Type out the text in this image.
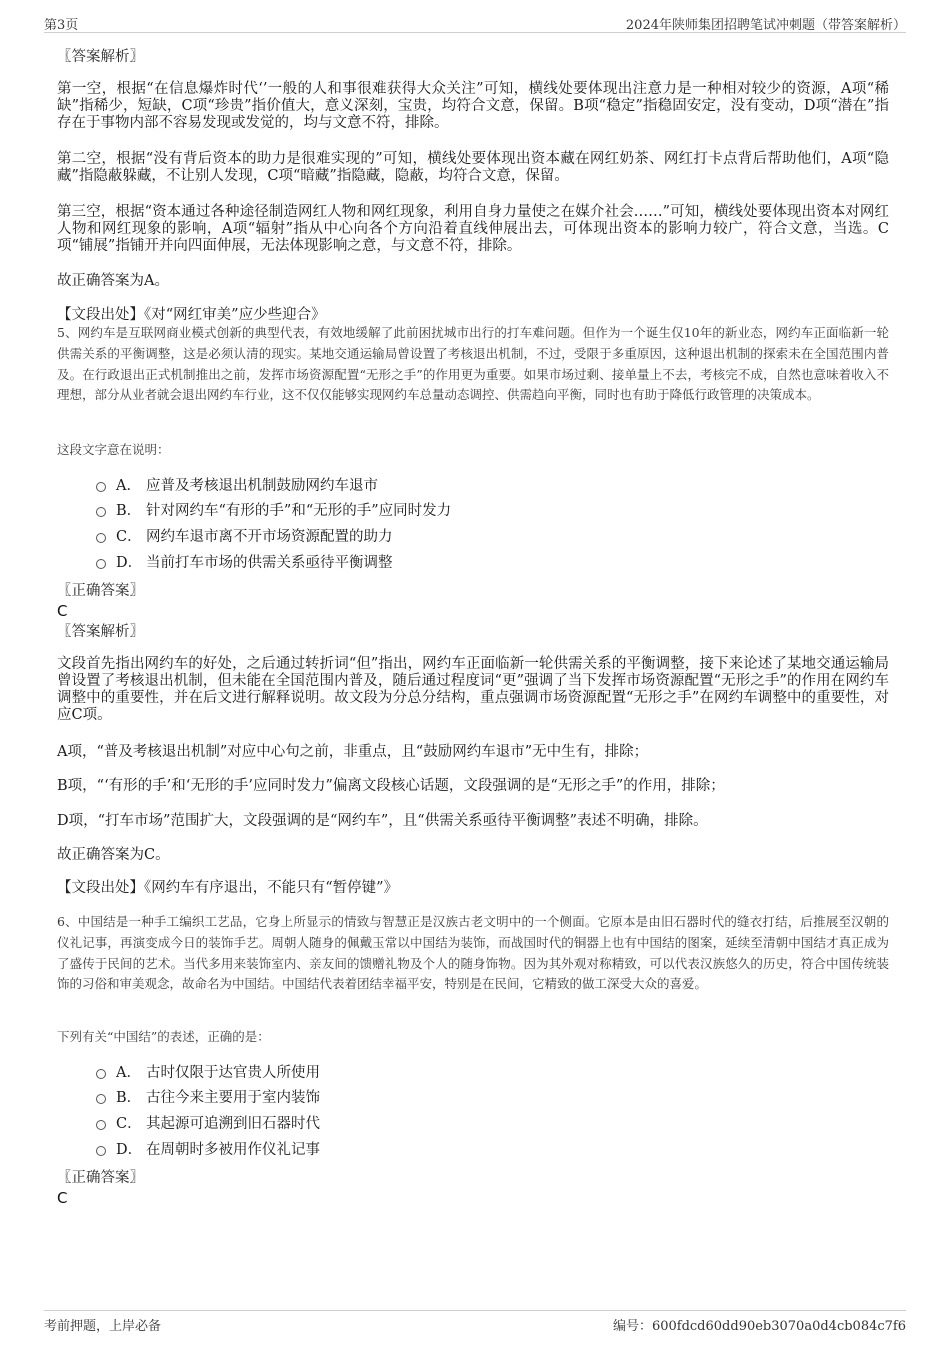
第3页	2024年陕师集团招聘笔试冲刺题（带答案解析）
〖答案解析〗
第一空，根据“在信息爆炸时代‘’一般的人和事很难获得大众关注”可知，横线处要体现出注意力是一种相对较少的资源，A项“稀缺”指稀少，短缺，C项“珍贵”指价值大，意义深刻，宝贵，均符合文意，保留。B项“稳定”指稳固安定，没有变动，D项“潜在”指存在于事物内部不容易发现或发觉的，均与文意不符，排除。
第二空，根据“没有背后资本的助力是很难实现的”可知，横线处要体现出资本藏在网红奶茶、网红打卡点背后帮助他们，A项“隐藏”指隐蔽躲藏，不让别人发现，C项“暗藏”指隐藏，隐蔽，均符合文意，保留。
第三空，根据“资本通过各种途径制造网红人物和网红现象，利用自身力量使之在媒介社会……”可知，横线处要体现出资本对网红人物和网红现象的影响，A项“辐射”指从中心向各个方向沿着直线伸展出去，可体现出资本的影响力较广，符合文意，当选。C项“铺展”指铺开并向四面伸展，无法体现影响之意，与文意不符，排除。
故正确答案为A。
【文段出处】《对“网红审美”应少些迎合》
5、网约车是互联网商业模式创新的典型代表，有效地缓解了此前困扰城市出行的打车难问题。但作为一个诞生仅10年的新业态，网约车正面临新一轮供需关系的平衡调整，这是必须认清的现实。某地交通运输局曾设置了考核退出机制，不过，受限于多重原因，这种退出机制的探索未在全国范围内普及。在行政退出正式机制推出之前，发挥市场资源配置“无形之手”的作用更为重要。如果市场过剩、接单量上不去，考核完不成，自然也意味着收入不理想，部分从业者就会退出网约车行业，这不仅仅能够实现网约车总量动态调控、供需趋向平衡，同时也有助于降低行政管理的决策成本。
这段文字意在说明：
A． 应普及考核退出机制鼓励网约车退市
B． 针对网约车“有形的手”和“无形的手”应同时发力
C． 网约车退市离不开市场资源配置的助力
D． 当前打车市场的供需关系亟待平衡调整
〖正确答案〗
C
〖答案解析〗
文段首先指出网约车的好处，之后通过转折词“但”指出，网约车正面临新一轮供需关系的平衡调整，接下来论述了某地交通运输局曾设置了考核退出机制，但未能在全国范围内普及，随后通过程度词“更”强调了当下发挥市场资源配置“无形之手”的作用在网约车调整中的重要性，并在后文进行解释说明。故文段为分总分结构，重点强调市场资源配置“无形之手”在网约车调整中的重要性，对应C项。
A项，“普及考核退出机制”对应中心句之前，非重点，且“鼓励网约车退市”无中生有，排除；
B项，“‘有形的手’和‘无形的手’应同时发力”偏离文段核心话题，文段强调的是“无形之手”的作用，排除；
D项，“打车市场”范围扩大，文段强调的是“网约车”，且“供需关系亟待平衡调整”表述不明确，排除。
故正确答案为C。
【文段出处】《网约车有序退出，不能只有“暂停键”》
6、中国结是一种手工编织工艺品，它身上所显示的情致与智慧正是汉族古老文明中的一个侧面。它原本是由旧石器时代的缝衣打结，后推展至汉朝的仪礼记事，再演变成今日的装饰手艺。周朝人随身的佩戴玉常以中国结为装饰，而战国时代的铜器上也有中国结的图案，延续至清朝中国结才真正成为了盛传于民间的艺术。当代多用来装饰室内、亲友间的馈赠礼物及个人的随身饰物。因为其外观对称精致，可以代表汉族悠久的历史，符合中国传统装饰的习俗和审美观念，故命名为中国结。中国结代表着团结幸福平安，特别是在民间，它精致的做工深受大众的喜爱。
下列有关“中国结”的表述，正确的是：
A． 古时仅限于达官贵人所使用
B． 古往今来主要用于室内装饰
C． 其起源可追溯到旧石器时代
D． 在周朝时多被用作仪礼记事
〖正确答案〗
C
考前押题，上岸必备	编号：600fdcd60dd90eb3070a0d4cb084c7f6
